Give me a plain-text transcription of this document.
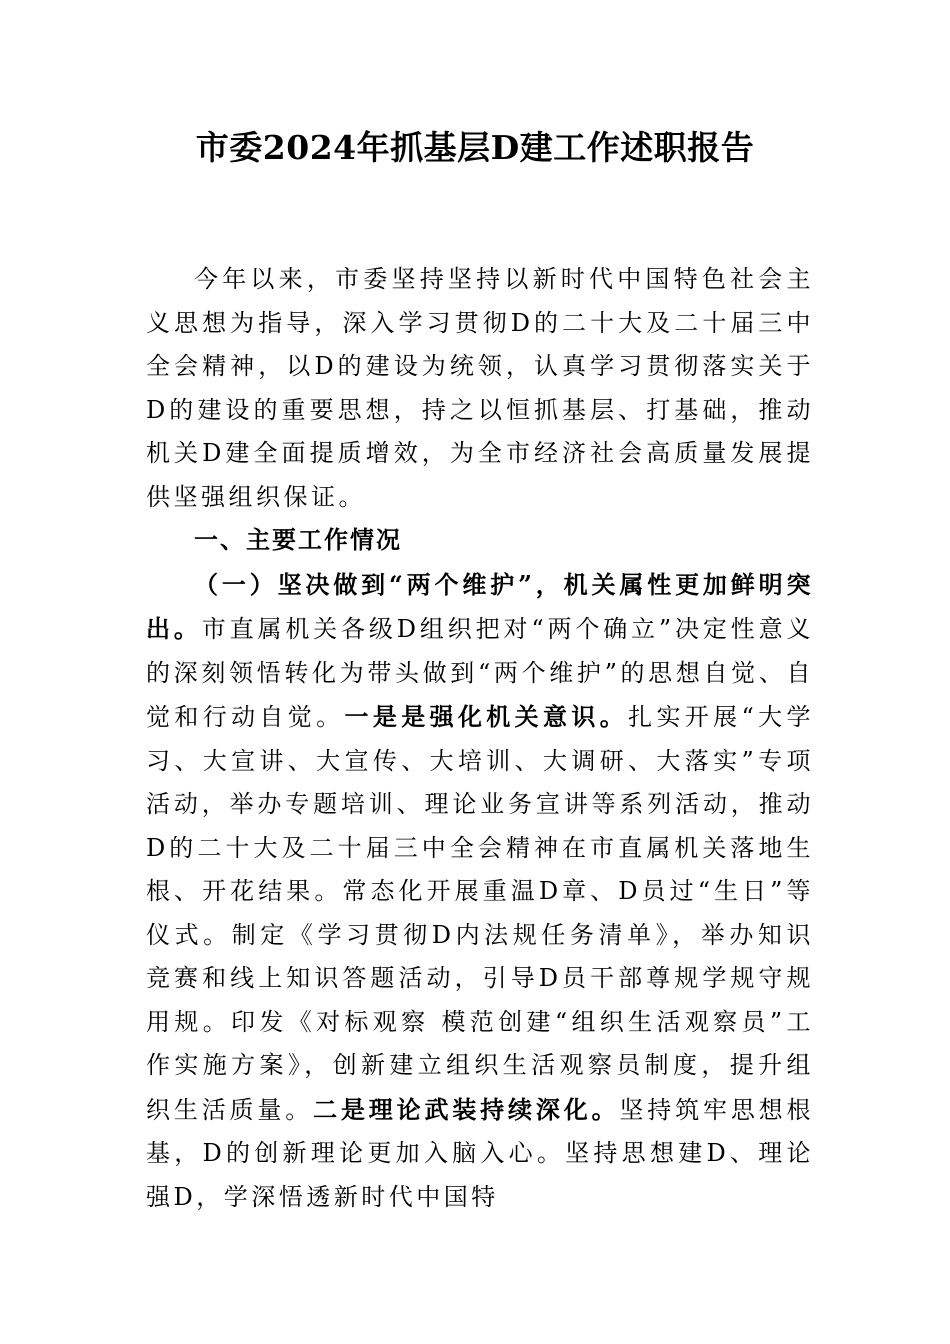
市委2024年抓基层D建工作述职报告

今年以来，市委坚持坚持以新时代中国特色社会主义思想为指导，深入学习贯彻D的二十大及二十届三中全会精神，以D的建设为统领，认真学习贯彻落实关于D的建设的重要思想，持之以恒抓基层、打基础，推动机关D建全面提质增效，为全市经济社会高质量发展提供坚强组织保证。

一、主要工作情况

（一）坚决做到“两个维护”，机关属性更加鲜明突出。市直属机关各级D组织把对“两个确立”决定性意义的深刻领悟转化为带头做到“两个维护”的思想自觉、自觉和行动自觉。一是是强化机关意识。扎实开展“大学习、大宣讲、大宣传、大培训、大调研、大落实”专项活动，举办专题培训、理论业务宣讲等系列活动，推动D的二十大及二十届三中全会精神在市直属机关落地生根、开花结果。常态化开展重温D章、D员过“生日”等仪式。制定《学习贯彻D内法规任务清单》，举办知识竞赛和线上知识答题活动，引导D员干部尊规学规守规用规。印发《对标观察 模范创建“组织生活观察员”工作实施方案》，创新建立组织生活观察员制度，提升组织生活质量。二是理论武装持续深化。坚持筑牢思想根基，D的创新理论更加入脑入心。坚持思想建D、理论强D，学深悟透新时代中国特
